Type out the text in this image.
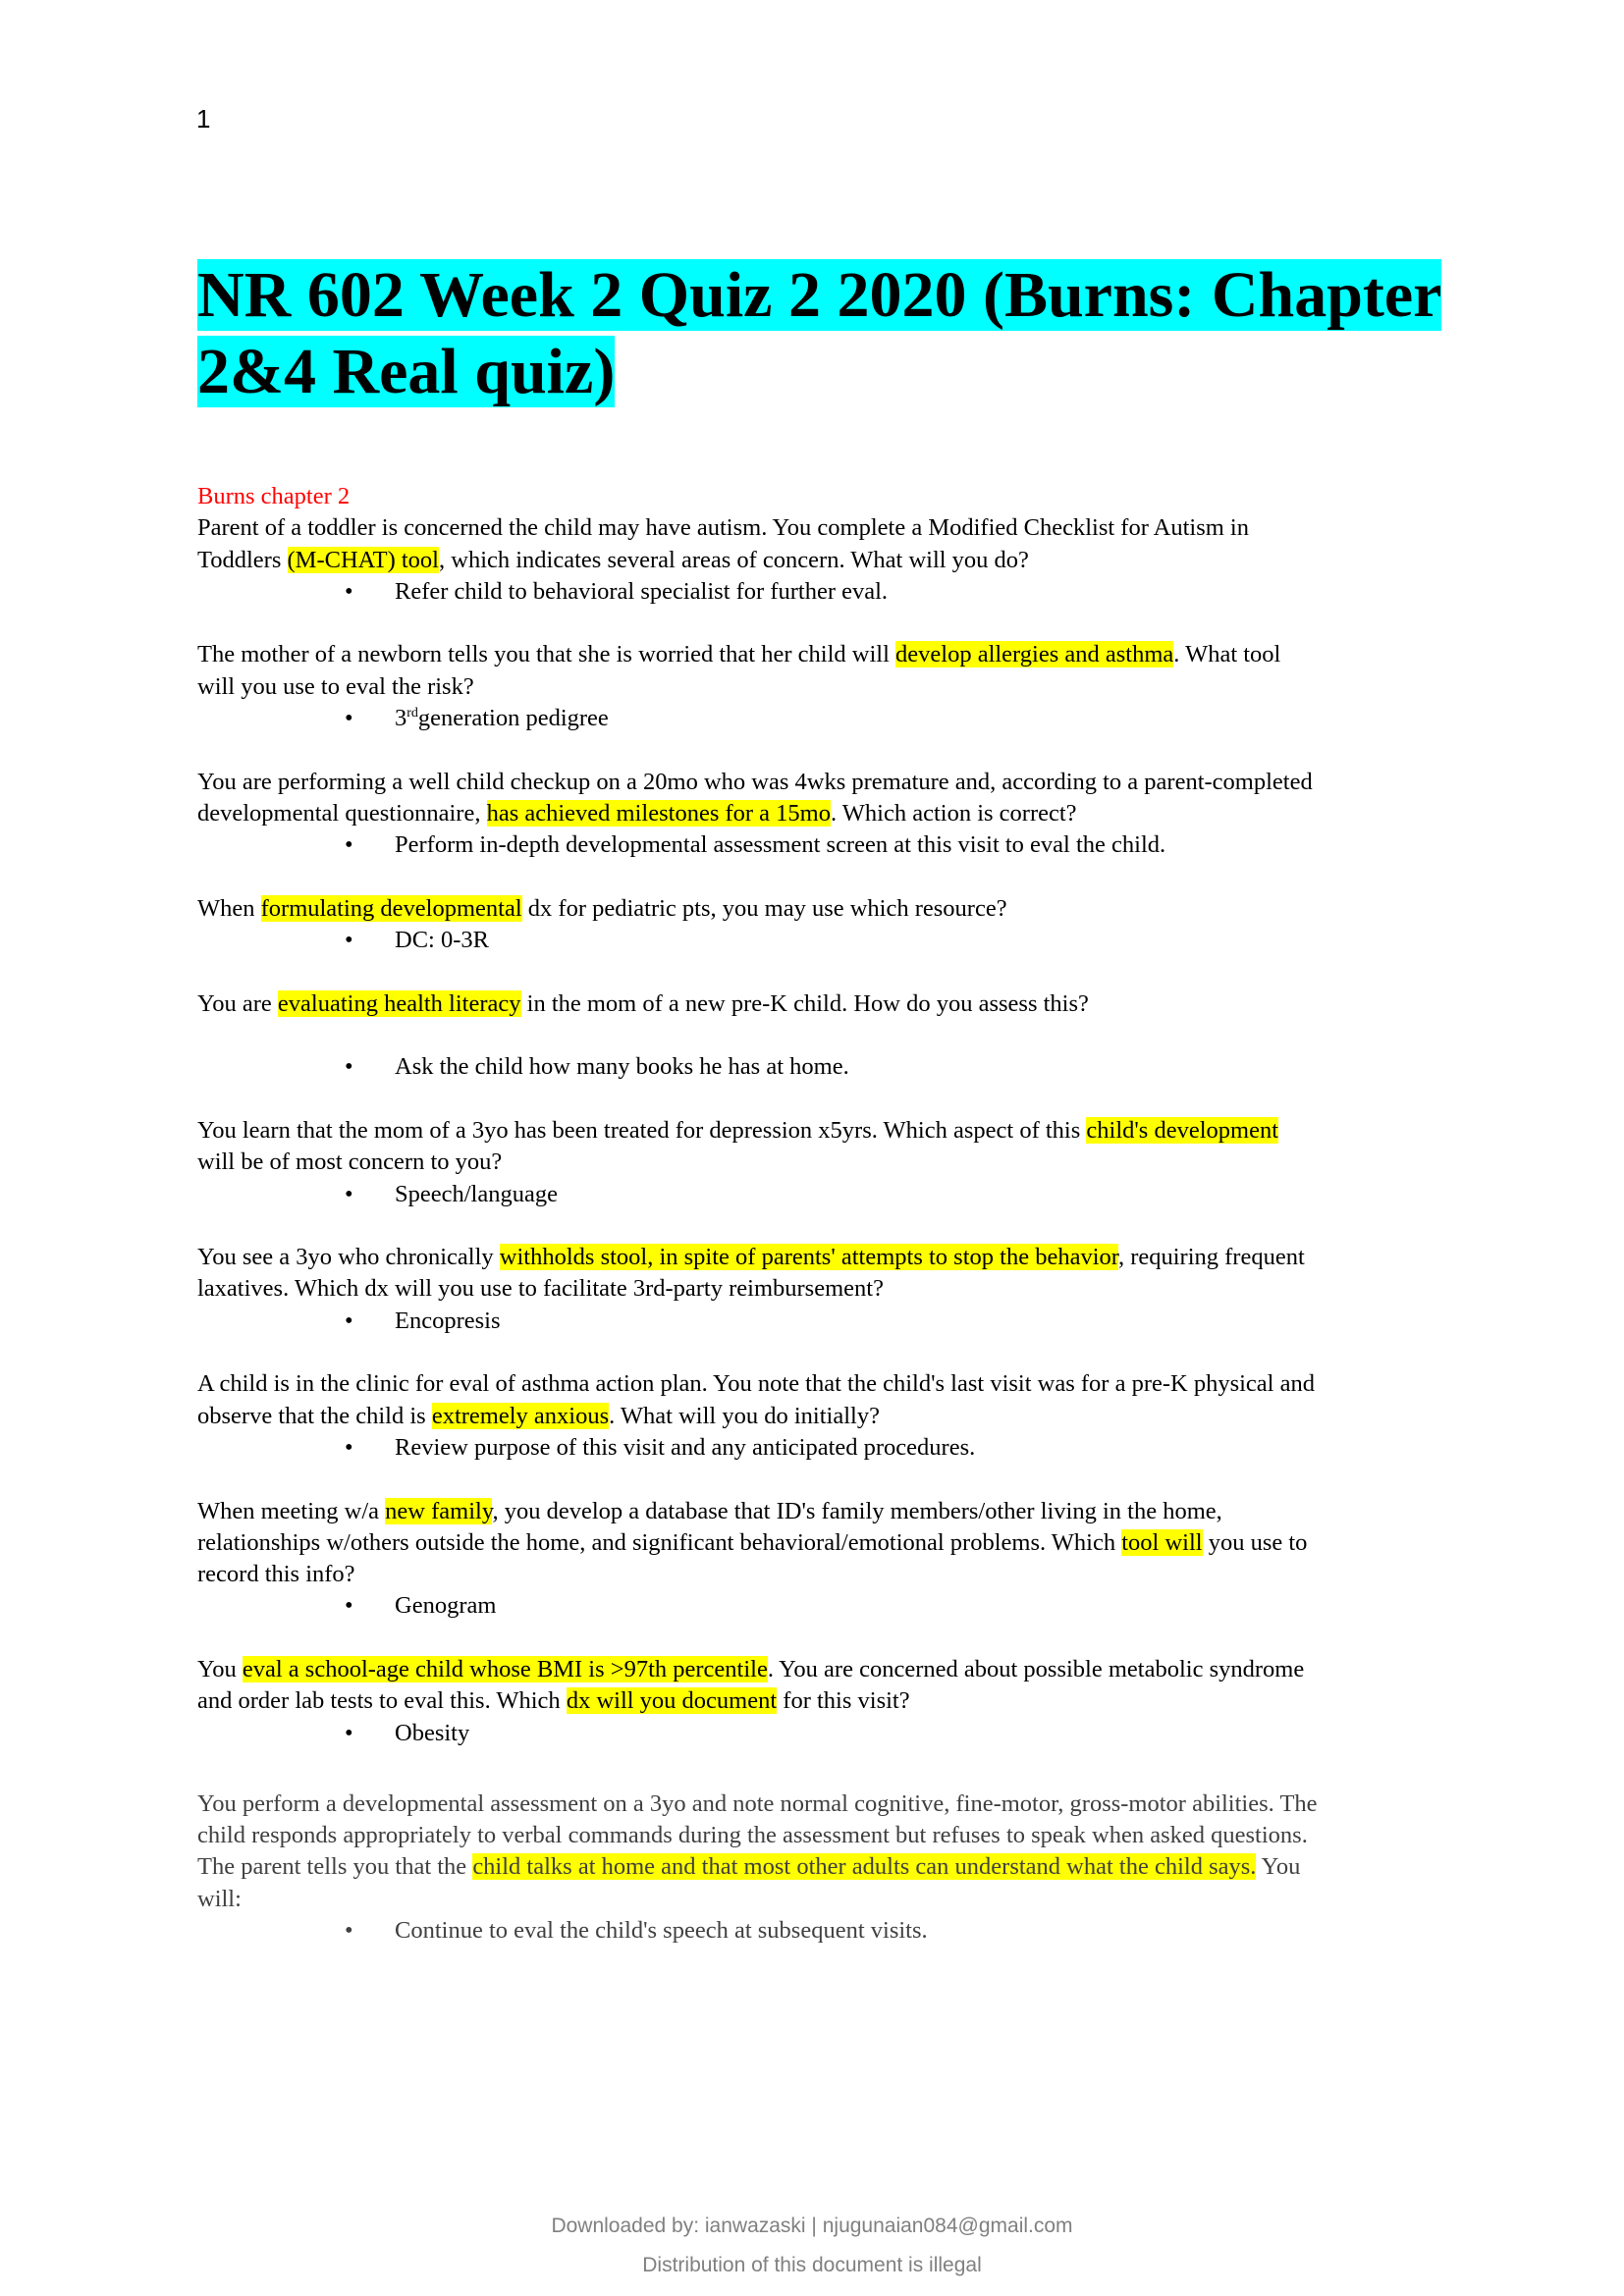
1
NR 602 Week 2 Quiz 2 2020 (Burns: Chapter
2&4 Real quiz)
Burns chapter 2
Parent of a toddler is concerned the child may have autism. You complete a Modified Checklist for Autism in
Toddlers (M-CHAT) tool, which indicates several areas of concern. What will you do?
• Refer child to behavioral specialist for further eval.
The mother of a newborn tells you that she is worried that her child will develop allergies and asthma. What tool
will you use to eval the risk?
• 3rdgeneration pedigree
You are performing a well child checkup on a 20mo who was 4wks premature and, according to a parent-completed
developmental questionnaire, has achieved milestones for a 15mo. Which action is correct?
• Perform in-depth developmental assessment screen at this visit to eval the child.
When formulating developmental dx for pediatric pts, you may use which resource?
• DC: 0-3R
You are evaluating health literacy in the mom of a new pre-K child. How do you assess this?
• Ask the child how many books he has at home.
You learn that the mom of a 3yo has been treated for depression x5yrs. Which aspect of this child's development
will be of most concern to you?
• Speech/language
You see a 3yo who chronically withholds stool, in spite of parents' attempts to stop the behavior, requiring frequent
laxatives. Which dx will you use to facilitate 3rd-party reimbursement?
• Encopresis
A child is in the clinic for eval of asthma action plan. You note that the child's last visit was for a pre-K physical and
observe that the child is extremely anxious. What will you do initially?
• Review purpose of this visit and any anticipated procedures.
When meeting w/a new family, you develop a database that ID's family members/other living in the home,
relationships w/others outside the home, and significant behavioral/emotional problems. Which tool will you use to
record this info?
• Genogram
You eval a school-age child whose BMI is >97th percentile. You are concerned about possible metabolic syndrome
and order lab tests to eval this. Which dx will you document for this visit?
• Obesity
You perform a developmental assessment on a 3yo and note normal cognitive, fine-motor, gross-motor abilities. The
child responds appropriately to verbal commands during the assessment but refuses to speak when asked questions.
The parent tells you that the child talks at home and that most other adults can understand what the child says. You
will:
• Continue to eval the child's speech at subsequent visits.
Downloaded by: ianwazaski | njugunaian084@gmail.com
Distribution of this document is illegal
